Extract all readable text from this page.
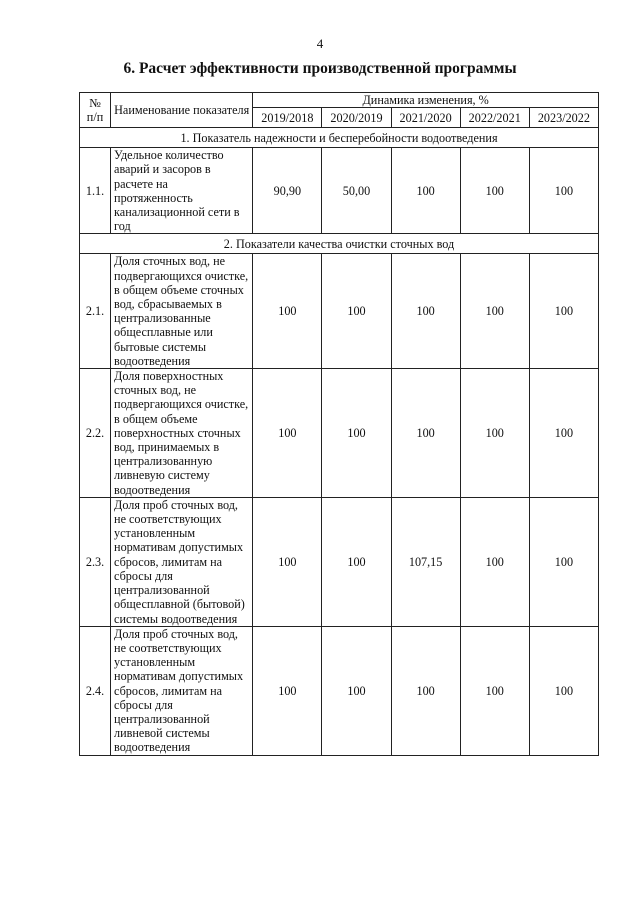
4
6. Расчет эффективности производственной программы
№ п/п	Наименование показателя	Динамика изменения, %				
		2019/2018	2020/2019	2021/2020	2022/2021	2023/2022
1. Показатель надежности и бесперебойности водоотведения						
1.1.	Удельное количество аварий и засоров в расчете на протяженность канализационной сети в год	90,90	50,00	100	100	100
2. Показатели качества очистки сточных вод						
2.1.	Доля сточных вод, не подвергающихся очистке, в общем объеме сточных вод, сбрасываемых в централизованные общесплавные или бытовые системы водоотведения	100	100	100	100	100
2.2.	Доля поверхностных сточных вод, не подвергающихся очистке, в общем объеме поверхностных сточных вод, принимаемых в централизованную ливневую систему водоотведения	100	100	100	100	100
2.3.	Доля проб сточных вод, не соответствующих установленным нормативам допустимых сбросов, лимитам на сбросы для централизованной общесплавной (бытовой) системы водоотведения	100	100	107,15	100	100
2.4.	Доля проб сточных вод, не соответствующих установленным нормативам допустимых сбросов, лимитам на сбросы для централизованной ливневой системы водоотведения	100	100	100	100	100
